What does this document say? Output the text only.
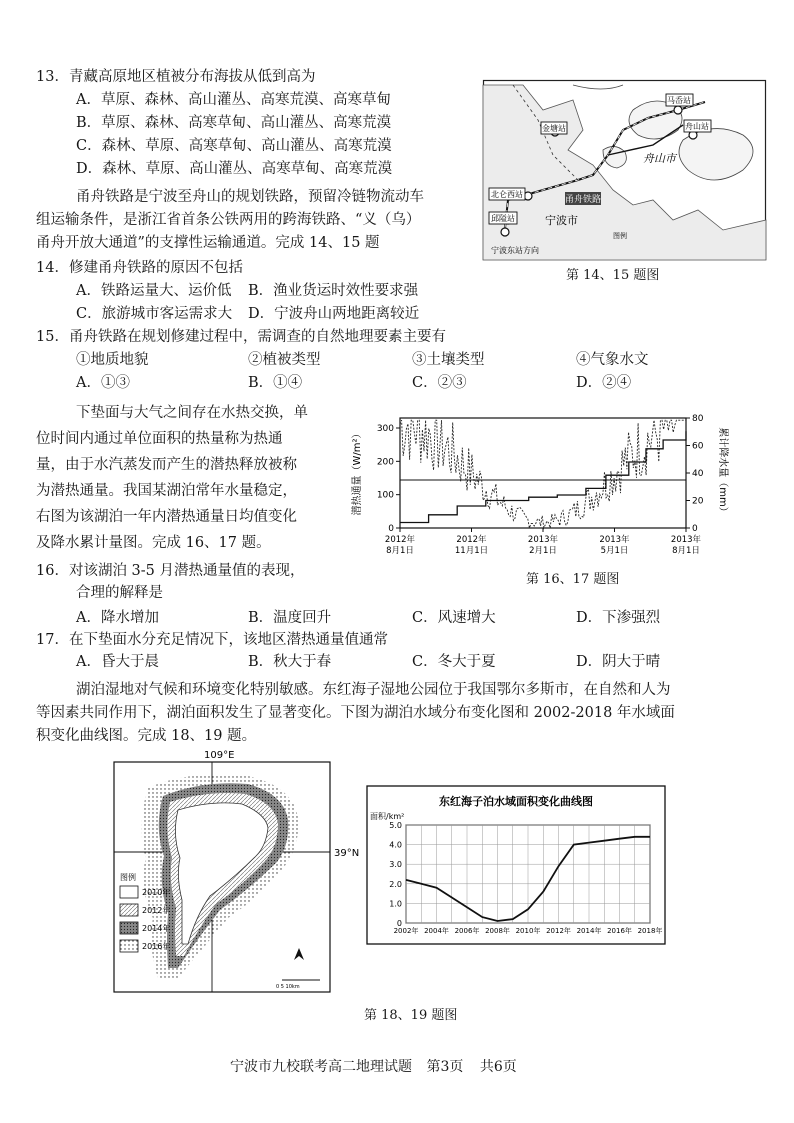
13．青藏高原地区植被分布海拔从低到高为
A．草原、森林、高山灌丛、高寒荒漠、高寒草甸
B．草原、森林、高寒草甸、高山灌丛、高寒荒漠
C．森林、草原、高寒草甸、高山灌丛、高寒荒漠
D．森林、草原、高山灌丛、高寒草甸、高寒荒漠
甬舟铁路是宁波至舟山的规划铁路，预留冷链物流动车
组运输条件，是浙江省首条公铁两用的跨海铁路、“义（乌）
甬舟开放大通道”的支撑性运输通道。完成 14、15 题
14．修建甬舟铁路的原因不包括
A．铁路运量大、运价低 B．渔业货运时效性要求强
C．旅游城市客运需求大 D．宁波舟山两地距离较近
15．甬舟铁路在规划修建过程中，需调查的自然地理要素主要有
①地质地貌	②植被类型	③土壤类型	④气象水文
A．①③	B．①④	C．②③	D．②④
金塘站
马岙站
舟山站
北仑西站
邱隘站
宁波东站方向
舟山市
甬舟铁路
宁波市
图例
第 14、15 题图
下垫面与大气之间存在水热交换，单
位时间内通过单位面积的热量称为热通
量，由于水汽蒸发而产生的潜热释放被称
为潜热通量。我国某湖泊常年水量稳定，
右图为该湖泊一年内潜热通量日均值变化
及降水累计量图。完成 16、17 题。
潜热通量（W/m²）	累计降水量（mm）
0
100
200
300
0
20
40
60
80
2012年
8月1日
2012年
11月1日
2013年
2月1日
2013年
5月1日
2013年
8月1日
第 16、17 题图
16．对该湖泊 3-5 月潜热通量值的表现，
合理的解释是
A．降水增加	B．温度回升	C．风速增大	D．下渗强烈
17．在下垫面水分充足情况下，该地区潜热通量值通常
A．昏大于晨	B．秋大于春	C．冬大于夏	D．阴大于晴
湖泊湿地对气候和环境变化特别敏感。东红海子湿地公园位于我国鄂尔多斯市，在自然和人为
等因素共同作用下，湖泊面积发生了显著变化。下图为湖泊水域分布变化图和 2002-2018 年水域面
积变化曲线图。完成 18、19 题。
109°E
39°N
图例
2010年
2012年
2014年
2016年
0 5 10km
东红海子泊水域面积变化曲线图
面积/km²
0
1.0
2.0
3.0
4.0
5.0
2002年 2004年 2006年 2008年 2010年 2012年 2014年 2016年 2018年
第 18、19 题图
宁波市九校联考高二地理试题 第3页 共6页
